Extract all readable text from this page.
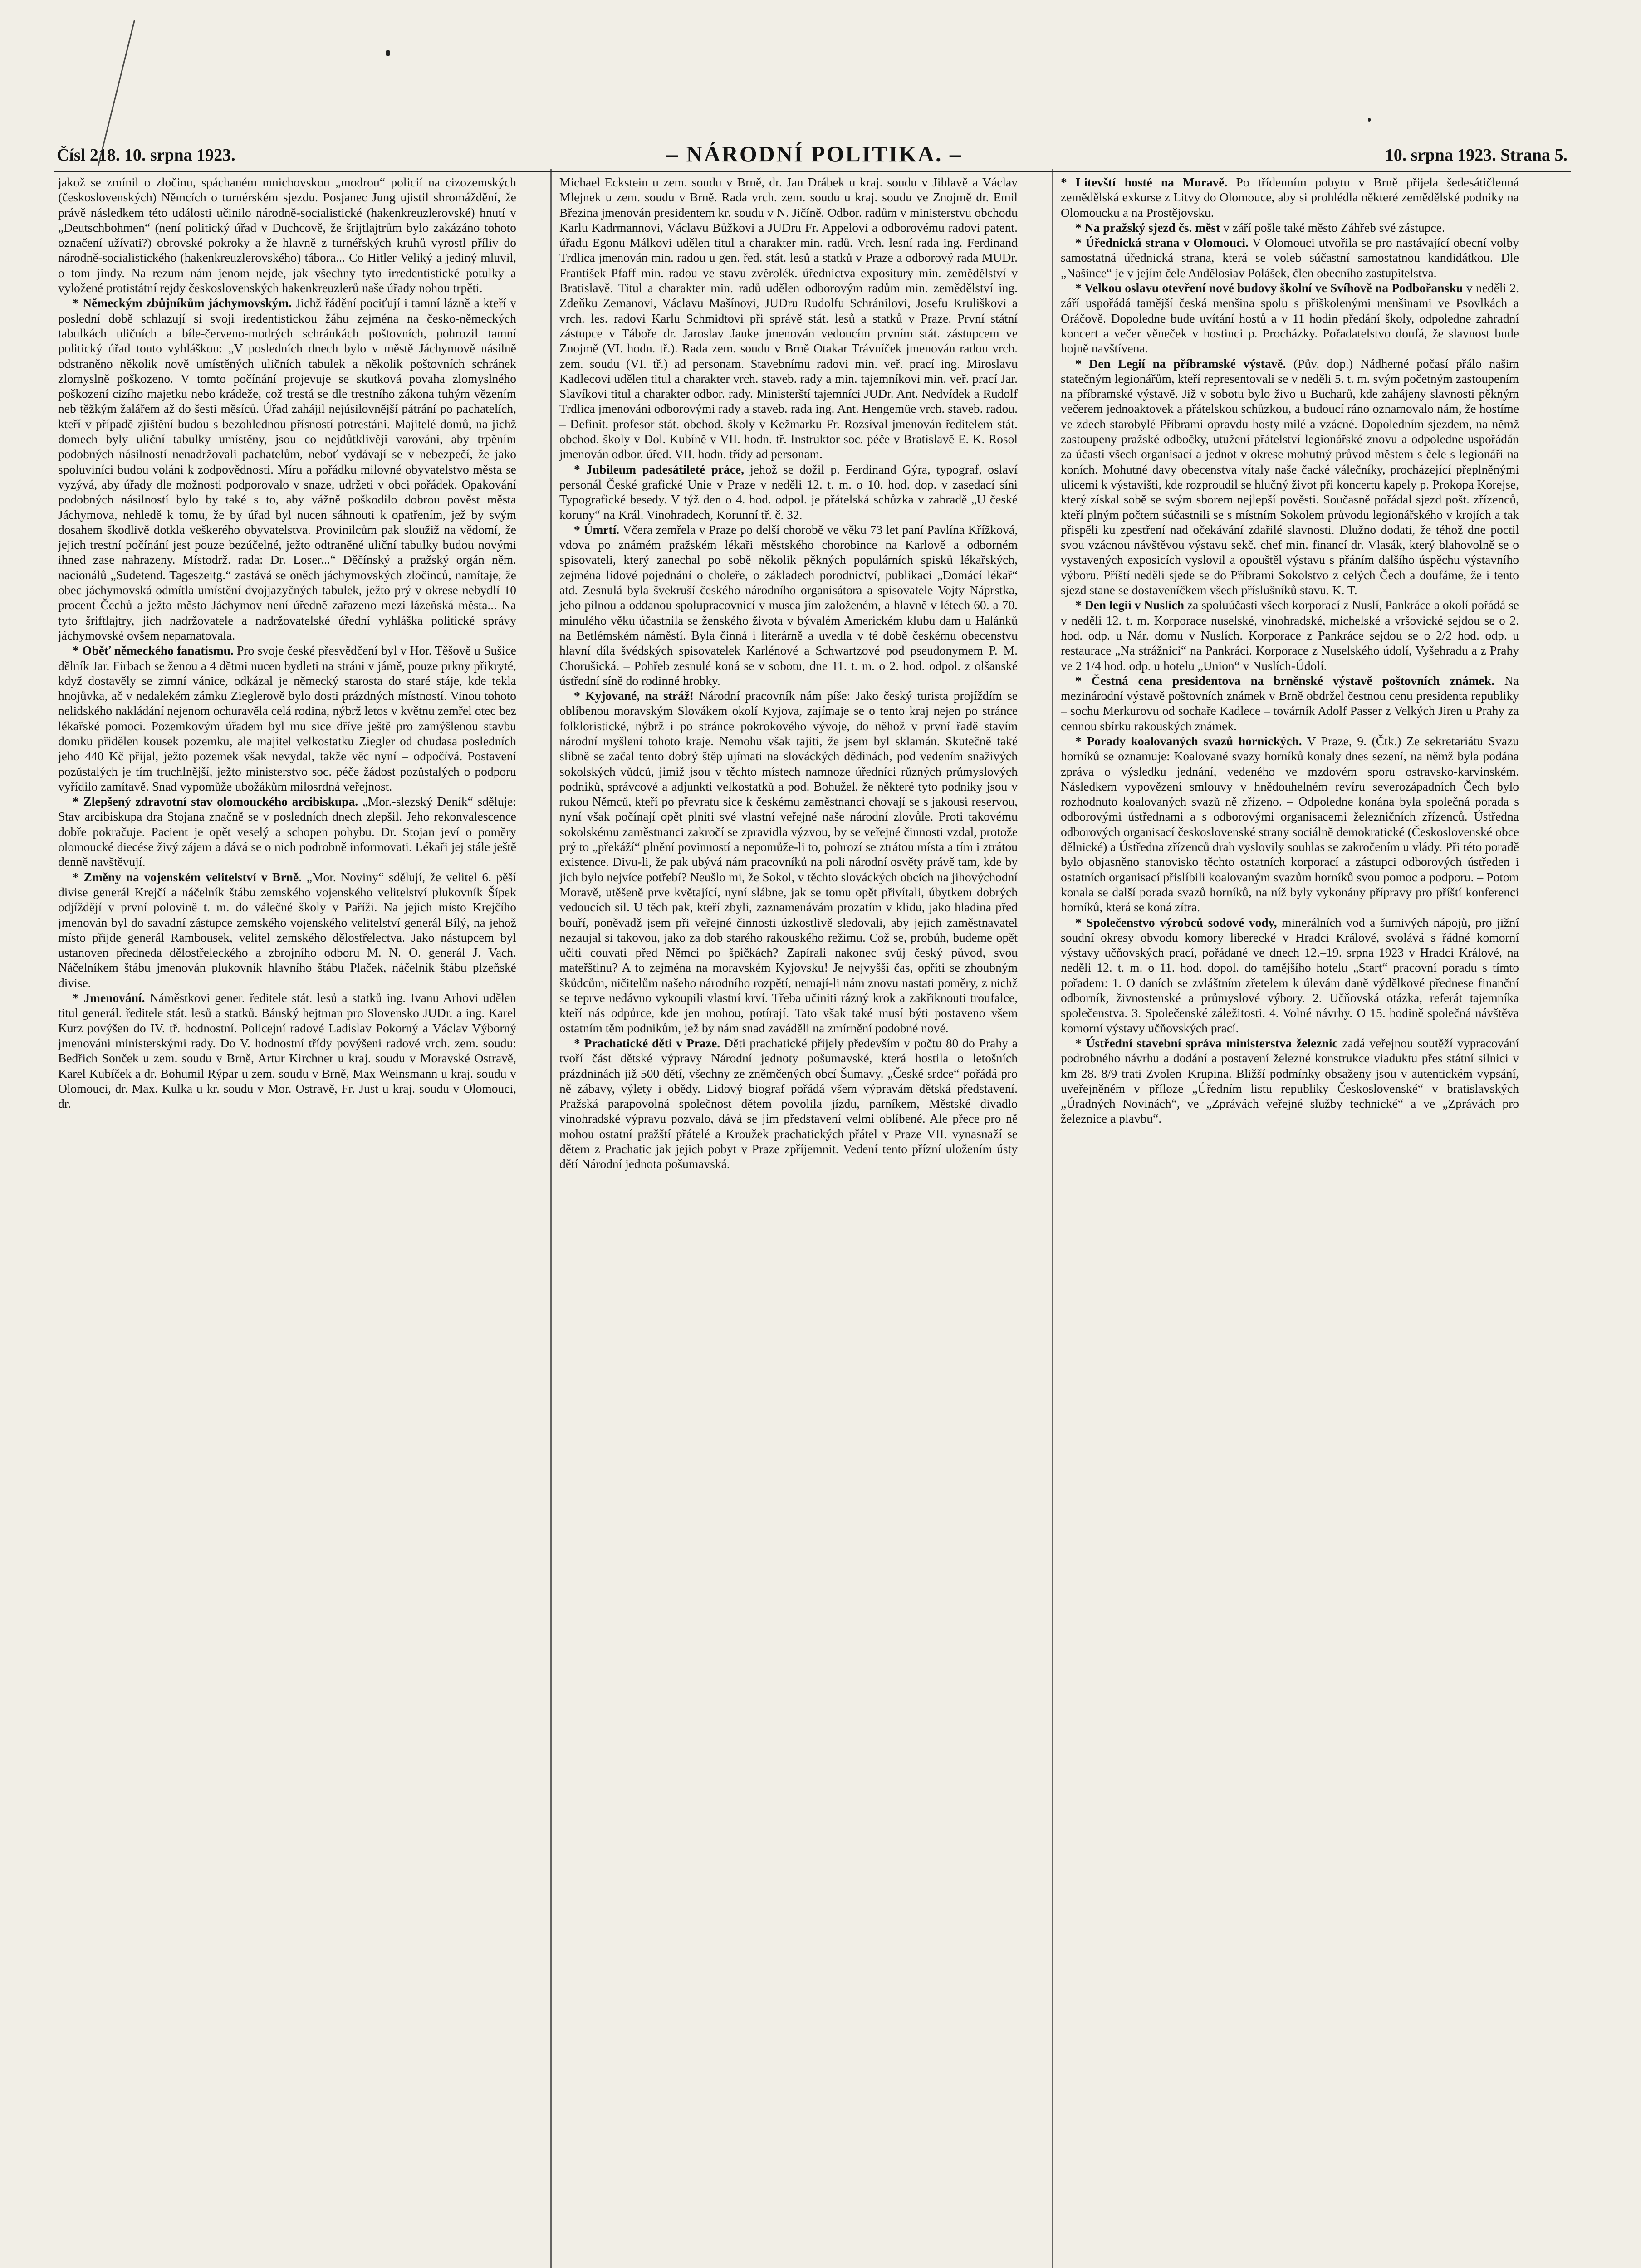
Čísl 218. 10. srpna 1923.	– NÁRODNÍ POLITIKA. –	10. srpna 1923. Strana 5.

jakož se zmínil o zločinu, spáchaném mnichovskou „modrou“ policií na cizozemských (československých) Němcích o turnérském sjezdu. Posjanec Jung ujistil shromáždění, že právě následkem této události učinilo národně-socialistické (hakenkreuzlerovské) hnutí v „Deutschbohmen“ (není politický úřad v Duchcově, že šrijtlajtrům bylo zakázáno tohoto označení užívati?) obrovské pokroky a že hlavně z turnéřských kruhů vyrostl příliv do národně-socialistického (hakenkreuzlerovského) tábora... Co Hitler Veliký a jediný mluvil, o tom jindy. Na rezum nám jenom nejde, jak všechny tyto irredentistické potulky a vyložené protistátní rejdy československých hakenkreuzlerů naše úřady nohou trpěti.

* Německým zbůjníkům jáchymovským. Jichž řádění pociťují i tamní lázně a kteří v poslední době schlazují si svoji iredentistickou žáhu zejména na česko-německých tabulkách uličních a bíle-červeno-modrých schránkách poštovních, pohrozil tamní politický úřad touto vyhláškou: „V posledních dnech bylo v městě Jáchymově násilně odstraněno několik nově umístěných uličních tabulek a několik poštovních schránek zlomyslně poškozeno. V tomto počínání projevuje se skutková povaha zlomyslného poškození cizího majetku nebo krádeže, což trestá se dle trestního zákona tuhým vězením neb těžkým žalářem až do šesti měsíců. Úřad zahájil nejúsilovnější pátrání po pachatelích, kteří v případě zjištění budou s bezohlednou přísností potrestáni. Majitelé domů, na jichž domech byly uliční tabulky umístěny, jsou co nejdůtklivěji varováni, aby trpěním podobných násilností nenadržovali pachatelům, neboť vydávají se v nebezpečí, že jako spoluviníci budou voláni k zodpovědnosti. Míru a pořádku milovné obyvatelstvo města se vyzývá, aby úřady dle možnosti podporovalo v snaze, udržeti v obci pořádek. Opakování podobných násilností bylo by také s to, aby vážně poškodilo dobrou pověst města Jáchymova, nehledě k tomu, že by úřad byl nucen sáhnouti k opatřením, jež by svým dosahem škodlivě dotkla veškerého obyvatelstva. Provinilcům pak sloužiž na vědomí, že jejich trestní počínání jest pouze bezúčelné, ježto odtraněné uliční tabulky budou novými ihned zase nahrazeny. Místodrž. rada: Dr. Loser...“ Děčínský a pražský orgán něm. nacionálů „Sudetend. Tageszeitg.“ zastává se oněch jáchymovských zločinců, namítaje, že obec jáchymovská odmítla umístění dvojjazyčných tabulek, ježto prý v okrese nebydlí 10 procent Čechů a ježto město Jáchymov není úředně zařazeno mezi lázeňská města... Na tyto šriftlajtry, jich nadržovatele a nadržovatelské úřední vyhláška politické správy jáchymovské ovšem nepamatovala.

* Oběť německého fanatismu. Pro svoje české přesvědčení byl v Hor. Těšově u Sušice dělník Jar. Firbach se ženou a 4 dětmi nucen bydleti na stráni v jámě, pouze prkny přikryté, když dostavěly se zimní vánice, odkázal je německý starosta do staré stáje, kde tekla hnojůvka, ač v nedalekém zámku Zieglerově bylo dosti prázdných místností. Vinou tohoto nelidského nakládání nejenom ochuravěla celá rodina, nýbrž letos v květnu zemřel otec bez lékařské pomoci. Pozemkovým úřadem byl mu sice dříve ještě pro zamýšlenou stavbu domku přidělen kousek pozemku, ale majitel velkostatku Ziegler od chudasa posledních jeho 440 Kč přijal, ježto pozemek však nevydal, takže věc nyní – odpočívá. Postavení pozůstalých je tím truchlnější, ježto ministerstvo soc. péče žádost pozůstalých o podporu vyřídilo zamítavě. Snad vypomůže ubožákům milosrdná veřejnost.

* Zlepšený zdravotní stav olomouckého arcibiskupa. „Mor.-slezský Deník“ sděluje: Stav arcibiskupa dra Stojana značně se v posledních dnech zlepšil. Jeho rekonvalescence dobře pokračuje. Pacient je opět veselý a schopen pohybu. Dr. Stojan jeví o poměry olomoucké diecése živý zájem a dává se o nich podrobně informovati. Lékaři jej stále ještě denně navštěvují.

* Změny na vojenském velitelství v Brně. „Mor. Noviny“ sdělují, že velitel 6. pěší divise generál Krejčí a náčelník štábu zemského vojenského velitelství plukovník Šípek odjíždějí v první polovině t. m. do válečné školy v Paříži. Na jejich místo Krejčího jmenován byl do savadní zástupce zemského vojenského velitelství generál Bílý, na jehož místo přijde generál Rambousek, velitel zemského dělostřelectva. Jako nástupcem byl ustanoven předneda dělostřeleckého a zbrojního odboru M. N. O. generál J. Vach. Náčelníkem štábu jmenován plukovník hlavního štábu Plaček, náčelník štábu plzeňské divise.

* Jmenování. Náměstkovi gener. ředitele stát. lesů a statků ing. Ivanu Arhovi udělen titul generál. ředitele stát. lesů a statků. Bánský hejtman pro Slovensko JUDr. a ing. Karel Kurz povýšen do IV. tř. hodnostní. Policejní radové Ladislav Pokorný a Václav Výborný jmenováni ministerskými rady. Do V. hodnostní třídy povýšeni radové vrch. zem. soudu: Bedřich Sonček u zem. soudu v Brně, Artur Kirchner u kraj. soudu v Moravské Ostravě, Karel Kubíček a dr. Bohumil Rýpar u zem. soudu v Brně, Max Weinsmann u kraj. soudu v Olomouci, dr. Max. Kulka u kr. soudu v Mor. Ostravě, Fr. Just u kraj. soudu v Olomouci, dr.

Michael Eckstein u zem. soudu v Brně, dr. Jan Drábek u kraj. soudu v Jihlavě a Václav Mlejnek u zem. soudu v Brně. Rada vrch. zem. soudu u kraj. soudu ve Znojmě dr. Emil Březina jmenován presidentem kr. soudu v N. Jičíně. Odbor. radům v ministerstvu obchodu Karlu Kadrmannovi, Václavu Bůžkovi a JUDru Fr. Appelovi a odborovému radovi patent. úřadu Egonu Málkovi udělen titul a charakter min. radů. Vrch. lesní rada ing. Ferdinand Trdlica jmenován min. radou u gen. řed. stát. lesů a statků v Praze a odborový rada MUDr. František Pfaff min. radou ve stavu zvěrolék. úřednictva expositury min. zemědělství v Bratislavě. Titul a charakter min. radů udělen odborovým radům min. zemědělství ing. Zdeňku Zemanovi, Václavu Mašínovi, JUDru Rudolfu Schránilovi, Josefu Kruliškovi a vrch. les. radovi Karlu Schmidtovi při správě stát. lesů a statků v Praze. První státní zástupce v Táboře dr. Jaroslav Jauke jmenován vedoucím prvním stát. zástupcem ve Znojmě (VI. hodn. tř.). Rada zem. soudu v Brně Otakar Trávníček jmenován radou vrch. zem. soudu (VI. tř.) ad personam. Stavebnímu radovi min. veř. prací ing. Miroslavu Kadlecovi udělen titul a charakter vrch. staveb. rady a min. tajemníkovi min. veř. prací Jar. Slavíkovi titul a charakter odbor. rady. Ministerští tajemníci JUDr. Ant. Nedvídek a Rudolf Trdlica jmenováni odborovými rady a staveb. rada ing. Ant. Hengemüe vrch. staveb. radou. – Definit. profesor stát. obchod. školy v Kežmarku Fr. Rozsíval jmenován ředitelem stát. obchod. školy v Dol. Kubíně v VII. hodn. tř. Instruktor soc. péče v Bratislavě E. K. Rosol jmenován odbor. úřed. VII. hodn. třídy ad personam.

* Jubileum padesátileté práce, jehož se dožil p. Ferdinand Gýra, typograf, oslaví personál České grafické Unie v Praze v neděli 12. t. m. o 10. hod. dop. v zasedací síni Typografické besedy. V týž den o 4. hod. odpol. je přátelská schůzka v zahradě „U české koruny“ na Král. Vinohradech, Korunní tř. č. 32.

* Úmrtí. Včera zemřela v Praze po delší chorobě ve věku 73 let paní Pavlína Křížková, vdova po známém pražském lékaři městského chorobince na Karlově a odborném spisovateli, který zanechal po sobě několik pěkných populárních spisků lékařských, zejména lidové pojednání o choleře, o základech porodnictví, publikaci „Domácí lékař“ atd. Zesnulá byla švekruší českého národního organisátora a spisovatele Vojty Náprstka, jeho pilnou a oddanou spolupracovnicí v musea jím založeném, a hlavně v létech 60. a 70. minulého věku účastnila se ženského života v bývalém Americkém klubu dam u Halánků na Betlémském náměstí. Byla činná i literárně a uvedla v té době českému obecenstvu hlavní díla švédských spisovatelek Karlénové a Schwartzové pod pseudonymem P. M. Chorušická. – Pohřeb zesnulé koná se v sobotu, dne 11. t. m. o 2. hod. odpol. z olšanské ústřední síně do rodinné hrobky.

* Kyjované, na stráž! Národní pracovník nám píše: Jako český turista projíždím se oblíbenou moravským Slovákem okolí Kyjova, zajímaje se o tento kraj nejen po stránce folkloristické, nýbrž i po stránce pokrokového vývoje, do něhož v první řadě stavím národní myšlení tohoto kraje. Nemohu však tajiti, že jsem byl sklamán. Skutečně také slibně se začal tento dobrý štěp ujímati na slováckých dědinách, pod vedením snaživých sokolských vůdců, jimiž jsou v těchto místech namnoze úředníci různých průmyslových podniků, správcové a adjunkti velkostatků a pod. Bohužel, že některé tyto podniky jsou v rukou Němců, kteří po převratu sice k českému zaměstnanci chovají se s jakousi reservou, nyní však počínají opět plniti své vlastní veřejné naše národní zlovůle. Proti takovému sokolskému zaměstnanci zakročí se zpravidla výzvou, by se veřejné činnosti vzdal, protože prý to „překáží“ plnění povinností a nepomůže-li to, pohrozí se ztrátou místa a tím i ztrátou existence. Divu-li, že pak ubývá nám pracovníků na poli národní osvěty právě tam, kde by jich bylo nejvíce potřebí? Neušlo mi, že Sokol, v těchto slováckých obcích na jihovýchodní Moravě, utěšeně prve květající, nyní slábne, jak se tomu opět přivítali, úbytkem dobrých vedoucích sil. U těch pak, kteří zbyli, zaznamenávám prozatím v klidu, jako hladina před bouří, poněvadž jsem při veřejné činnosti úzkostlivě sledovali, aby jejich zaměstnavatel nezaujal si takovou, jako za dob starého rakouského režimu. Což se, probůh, budeme opět učiti couvati před Němci po špičkách? Zapírali nakonec svůj český původ, svou mateřštinu? A to zejména na moravském Kyjovsku! Je nejvyšší čas, opříti se zhoubným škůdcům, ničitelům našeho národního rozpětí, nemají-li nám znovu nastati poměry, z nichž se teprve nedávno vykoupili vlastní krví. Třeba učiniti rázný krok a zakřiknouti troufalce, kteří nás odpůrce, kde jen mohou, potírají. Tato však také musí býti postaveno všem ostatním těm podnikům, jež by nám snad zaváděli na zmírnění podobné nové.

* Prachatické děti v Praze. Děti prachatické přijely především v počtu 80 do Prahy a tvoří část dětské výpravy Národní jednoty pošumavské, která hostila o letošních prázdninách již 500 dětí, všechny ze zněmčených obcí Šumavy. „České srdce“ pořádá pro ně zábavy, výlety i obědy. Lidový biograf pořádá všem výpravám dětská představení. Pražská parapovolná společnost dětem povolila jízdu, parníkem, Městské divadlo vinohradské výpravu pozvalo, dává se jim představení velmi oblíbené. Ale přece pro ně mohou ostatní pražští přátelé a Kroužek prachatických přátel v Praze VII. vynasnaží se dětem z Prachatic jak jejich pobyt v Praze zpříjemnit. Vedení tento přízní uložením ústy dětí Národní jednota pošumavská.

* Litevští hosté na Moravě. Po třídenním pobytu v Brně přijela šedesátičlenná zemědělská exkurse z Litvy do Olomouce, aby si prohlédla některé zemědělské podniky na Olomoucku a na Prostějovsku.

* Na pražský sjezd čs. měst v září pošle také město Záhřeb své zástupce.

* Úřednická strana v Olomouci. V Olomouci utvořila se pro nastávající obecní volby samostatná úřednická strana, která se voleb súčastní samostatnou kandidátkou. Dle „Našince“ je v jejím čele Andělosiav Polášek, člen obecního zastupitelstva.

* Velkou oslavu otevření nové budovy školní ve Svíhově na Podbořansku v neděli 2. září uspořádá tamější česká menšina spolu s přiškolenými menšinami ve Psovlkách a Oráčově. Dopoledne bude uvítání hostů a v 11 hodin předání školy, odpoledne zahradní koncert a večer věneček v hostinci p. Procházky. Pořadatelstvo doufá, že slavnost bude hojně navštívena.

* Den Legií na příbramské výstavě. (Pův. dop.) Nádherné počasí přálo našim statečným legionářům, kteří representovali se v neděli 5. t. m. svým početným zastoupením na příbramské výstavě. Již v sobotu bylo živo u Bucharů, kde zahájeny slavnosti pěkným večerem jednoaktovek a přátelskou schůzkou, a budoucí ráno oznamovalo nám, že hostíme ve zdech starobylé Příbrami opravdu hosty milé a vzácné. Dopoledním sjezdem, na němž zastoupeny pražské odbočky, utužení přátelství legionářské znovu a odpoledne uspořádán za účasti všech organisací a jednot v okrese mohutný průvod městem s čele s legionáři na koních. Mohutné davy obecenstva vítaly naše čacké válečníky, procházející přeplněnými ulicemi k výstavišti, kde rozproudil se hlučný život při koncertu kapely p. Prokopa Korejse, který získal sobě se svým sborem nejlepší pověsti. Současně pořádal sjezd pošt. zřízenců, kteří plným počtem súčastnili se s místním Sokolem průvodu legionářského v krojích a tak přispěli ku zpestření nad očekávání zdařilé slavnosti. Dlužno dodati, že téhož dne poctil svou vzácnou návštěvou výstavu sekč. chef min. financí dr. Vlasák, který blahovolně se o vystavených exposicích vyslovil a opouštěl výstavu s přáním dalšího úspěchu výstavního výboru. Příští neděli sjede se do Příbrami Sokolstvo z celých Čech a doufáme, že i tento sjezd stane se dostaveníčkem všech příslušníků stavu. K. T.

* Den legií v Nuslích za spoluúčasti všech korporací z Nuslí, Pankráce a okolí pořádá se v neděli 12. t. m. Korporace nuselské, vinohradské, michelské a vršovické sejdou se o 2. hod. odp. u Nár. domu v Nuslích. Korporace z Pankráce sejdou se o 2/2 hod. odp. u restaurace „Na strážnici“ na Pankráci. Korporace z Nuselského údolí, Vyšehradu a z Prahy ve 2 1/4 hod. odp. u hotelu „Union“ v Nuslích-Údolí.

* Čestná cena presidentova na brněnské výstavě poštovních známek. Na mezinárodní výstavě poštovních známek v Brně obdržel čestnou cenu presidenta republiky – sochu Merkurovu od sochaře Kadlece – továrník Adolf Passer z Velkých Jiren u Prahy za cennou sbírku rakouských známek.

* Porady koalovaných svazů hornických. V Praze, 9. (Čtk.) Ze sekretariátu Svazu horníků se oznamuje: Koalované svazy horníků konaly dnes sezení, na němž byla podána zpráva o výsledku jednání, vedeného ve mzdovém sporu ostravsko-karvinském. Následkem vypovězení smlouvy v hnědouhelném revíru severozápadních Čech bylo rozhodnuto koalovaných svazů ně zřízeno. – Odpoledne konána byla společná porada s odborovými ústřednami a s odborovými organisacemi železničních zřízenců. Ústředna odborových organisací československé strany sociálně demokratické (Československé obce dělnické) a Ústředna zřízenců drah vyslovily souhlas se zakročením u vlády. Při této poradě bylo objasněno stanovisko těchto ostatních korporací a zástupci odborových ústředen i ostatních organisací přislíbili koalovaným svazům horníků svou pomoc a podporu. – Potom konala se další porada svazů horníků, na níž byly vykonány přípravy pro příští konferenci horníků, která se koná zítra.

* Společenstvo výrobců sodové vody, minerálních vod a šumivých nápojů, pro jižní soudní okresy obvodu komory liberecké v Hradci Králové, svolává s řádné komorní výstavy učňovských prací, pořádané ve dnech 12.–19. srpna 1923 v Hradci Králové, na neděli 12. t. m. o 11. hod. dopol. do tamějšího hotelu „Start“ pracovní poradu s tímto pořadem: 1. O daních se zvláštním zřetelem k úlevám daně výdělkové přednese finanční odborník, živnostenské a průmyslové výbory. 2. Učňovská otázka, referát tajemníka společenstva. 3. Společenské záležitosti. 4. Volné návrhy. O 15. hodině společná návštěva komorní výstavy učňovských prací.

* Ústřední stavební správa ministerstva železnic zadá veřejnou soutěží vypracování podrobného návrhu a dodání a postavení železné konstrukce viaduktu přes státní silnici v km 28. 8/9 trati Zvolen–Krupina. Bližší podmínky obsaženy jsou v autentickém vypsání, uveřejněném v příloze „Úředním listu republiky Československé“ v bratislavských „Úradných Novinách“, ve „Zprávách veřejné služby technické“ a ve „Zprávách pro železnice a plavbu“.
